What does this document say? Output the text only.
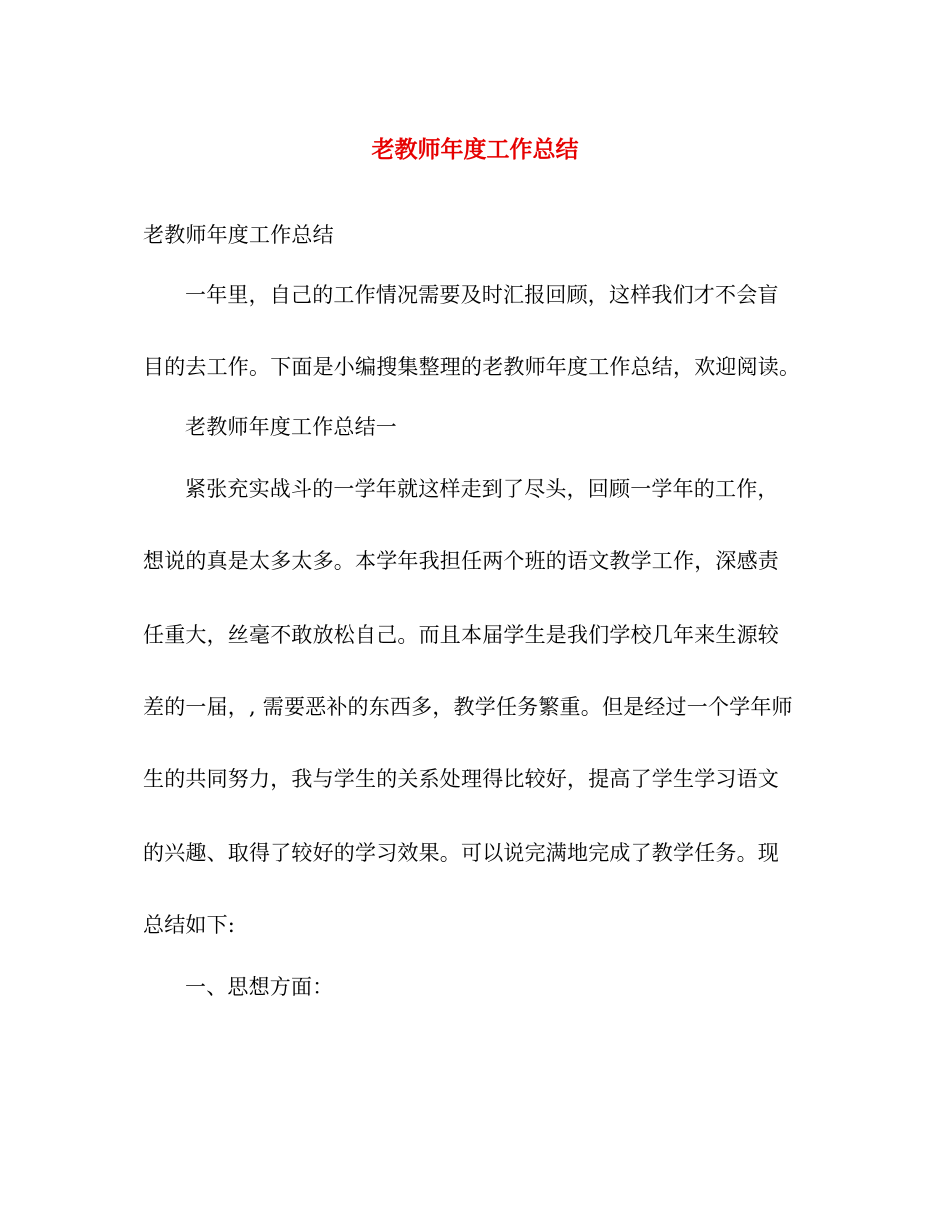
老教师年度工作总结
老教师年度工作总结
一年里，自己的工作情况需要及时汇报回顾，这样我们才不会盲
目的去工作。下面是小编搜集整理的老教师年度工作总结，欢迎阅读。
老教师年度工作总结一
紧张充实战斗的一学年就这样走到了尽头，回顾一学年的工作，
想说的真是太多太多。本学年我担任两个班的语文教学工作，深感责
任重大，丝毫不敢放松自己。而且本届学生是我们学校几年来生源较
差的一届，, 需要恶补的东西多，教学任务繁重。但是经过一个学年师
生的共同努力，我与学生的关系处理得比较好，提高了学生学习语文
的兴趣、取得了较好的学习效果。可以说完满地完成了教学任务。现
总结如下:
一、思想方面：
